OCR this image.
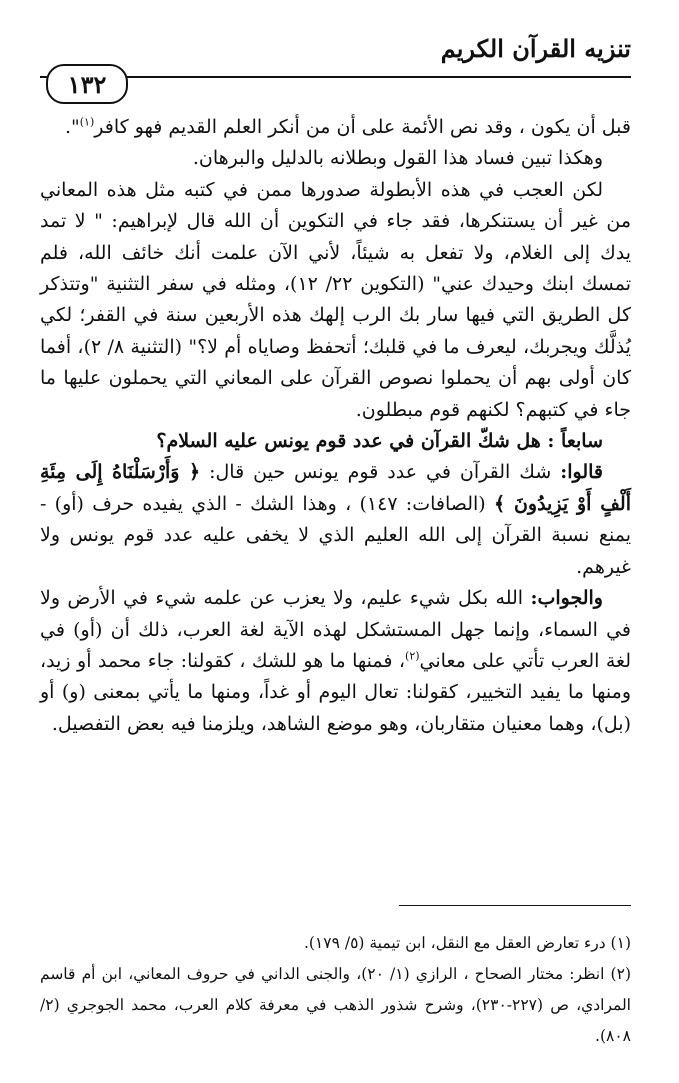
تنزيه القرآن الكريم
١٣٢

قبل أن يكون ، وقد نص الأئمة على أن من أنكر العلم القديم فهو كافر$^{(١)}$".

وهكذا تبين فساد هذا القول وبطلانه بالدليل والبرهان.

لكن العجب في هذه الأبطولة صدورها ممن في كتبه مثل هذه المعاني من غير أن يستنكرها، فقد جاء في التكوين أن الله قال لإبراهيم: " لا تمد يدك إلى الغلام، ولا تفعل به شيئاً، لأني الآن علمت أنك خائف الله، فلم تمسك ابنك وحيدك عني" (التكوين ٢٢/ ١٢)، ومثله في سفر التثنية "وتتذكر كل الطريق التي فيها سار بك الرب إلهك هذه الأربعين سنة في القفر؛ لكي يُذلَّك ويجربك، ليعرف ما في قلبك؛ أتحفظ وصاياه أم لا؟" (التثنية ٨/ ٢)، أفما كان أولى بهم أن يحملوا نصوص القرآن على المعاني التي يحملون عليها ما جاء في كتبهم؟ لكنهم قوم مبطلون.

سابعاً : هل شكّ القرآن في عدد قوم يونس عليه السلام؟

قالوا: شك القرآن في عدد قوم يونس حين قال: ﴿ وَأَرْسَلْنَاهُ إِلَى مِئَةِ أَلْفٍ أَوْ يَزِيدُونَ ﴾ (الصافات: ١٤٧) ، وهذا الشك - الذي يفيده حرف (أو) - يمنع نسبة القرآن إلى الله العليم الذي لا يخفى عليه عدد قوم يونس ولا غيرهم.

والجواب: الله بكل شيء عليم، ولا يعزب عن علمه شيء في الأرض ولا في السماء، وإنما جهل المستشكل لهذه الآية لغة العرب، ذلك أن (أو) في لغة العرب تأتي على معاني$^{(٢)}$، فمنها ما هو للشك ، كقولنا: جاء محمد أو زيد، ومنها ما يفيد التخيير، كقولنا: تعال اليوم أو غداً، ومنها ما يأتي بمعنى (و) أو (بل)، وهما معنيان متقاربان، وهو موضع الشاهد، ويلزمنا فيه بعض التفصيل.

(١) درء تعارض العقل مع النقل، ابن تيمية (٥/ ١٧٩).

(٢) انظر: مختار الصحاح ، الرازي (١/ ٢٠)، والجنى الداني في حروف المعاني، ابن أم قاسم المرادي، ص (٢٢٧-٢٣٠)، وشرح شذور الذهب في معرفة كلام العرب، محمد الجوجري (٢/ ٨٠٨).
